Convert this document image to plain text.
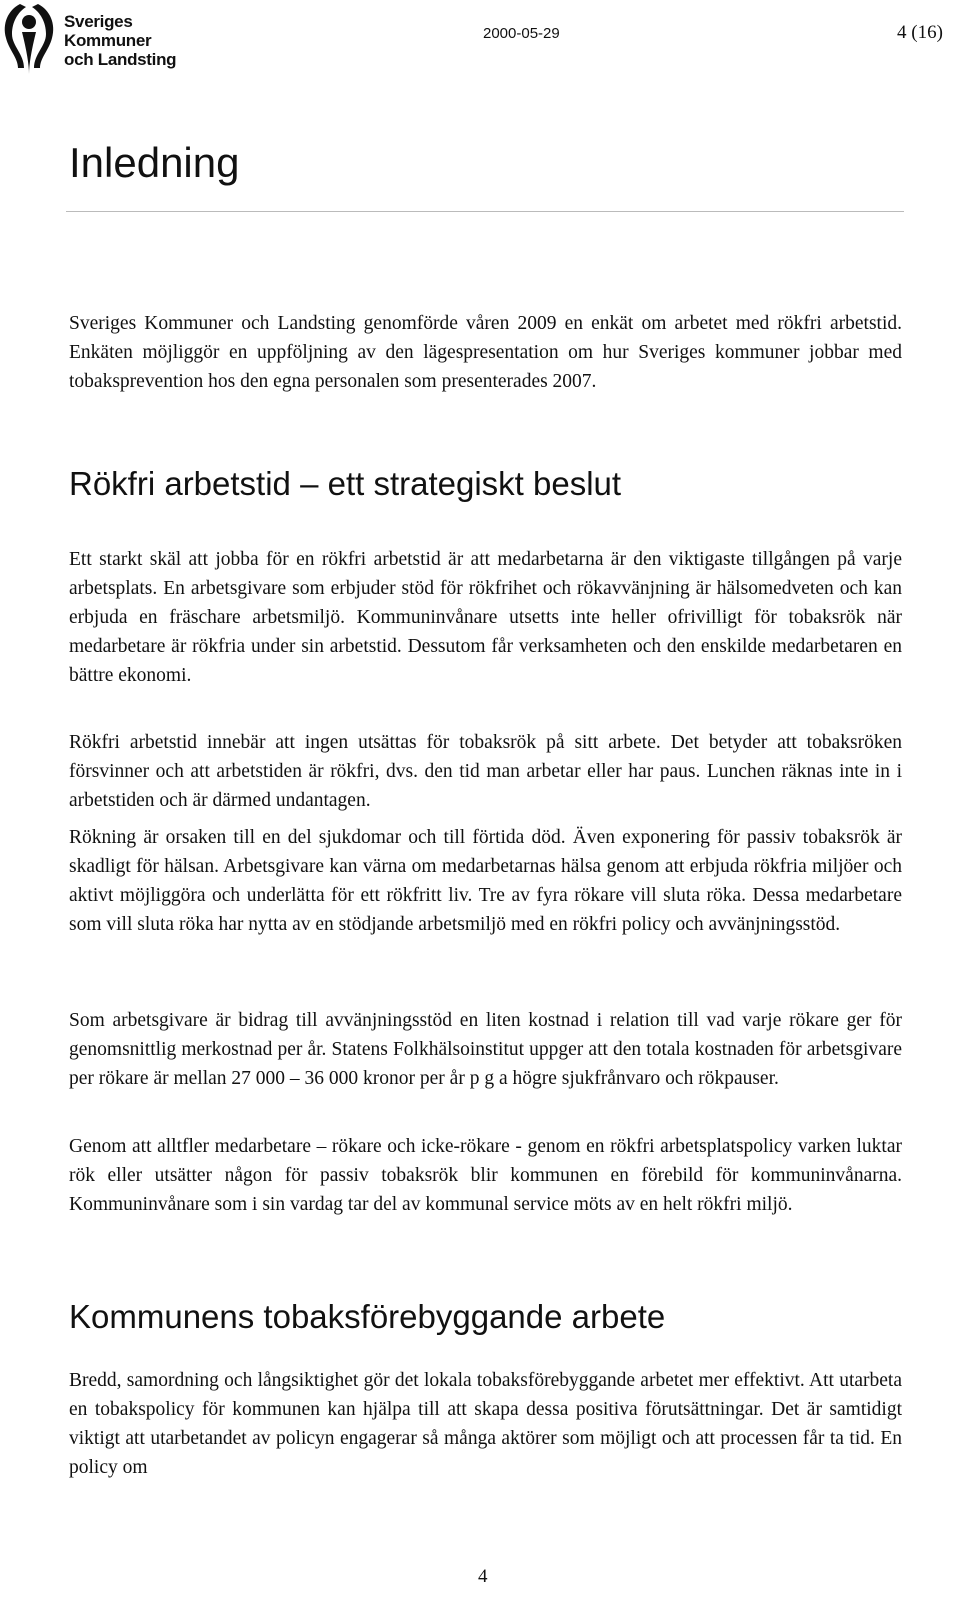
Sveriges
Kommuner
och Landsting
2000-05-29	4 (16)
Inledning

Sveriges Kommuner och Landsting genomförde våren 2009 en enkät om arbetet med rökfri arbetstid. Enkäten möjliggör en uppföljning av den lägespresentation om hur Sveriges kommuner jobbar med tobaksprevention hos den egna personalen som presenterades 2007.

Rökfri arbetstid – ett strategiskt beslut

Ett starkt skäl att jobba för en rökfri arbetstid är att medarbetarna är den viktigaste tillgången på varje arbetsplats. En arbetsgivare som erbjuder stöd för rökfrihet och rökavvänjning är hälsomedveten och kan erbjuda en fräschare arbetsmiljö. Kommuninvånare utsetts inte heller ofrivilligt för tobaksrök när medarbetare är rökfria under sin arbetstid. Dessutom får verksamheten och den enskilde medarbetaren en bättre ekonomi.

Rökfri arbetstid innebär att ingen utsättas för tobaksrök på sitt arbete. Det betyder att tobaksröken försvinner och att arbetstiden är rökfri, dvs. den tid man arbetar eller har paus. Lunchen räknas inte in i arbetstiden och är därmed undantagen.

Rökning är orsaken till en del sjukdomar och till förtida död. Även exponering för passiv tobaksrök är skadligt för hälsan. Arbetsgivare kan värna om medarbetarnas hälsa genom att erbjuda rökfria miljöer och aktivt möjliggöra och underlätta för ett rökfritt liv. Tre av fyra rökare vill sluta röka. Dessa medarbetare som vill sluta röka har nytta av en stödjande arbetsmiljö med en rökfri policy och avvänjningsstöd.

Som arbetsgivare är bidrag till avvänjningsstöd en liten kostnad i relation till vad varje rökare ger för genomsnittlig merkostnad per år. Statens Folkhälsoinstitut uppger att den totala kostnaden för arbetsgivare per rökare är mellan 27 000 – 36 000 kronor per år p g a högre sjukfrånvaro och rökpauser.

Genom att alltfler medarbetare – rökare och icke-rökare - genom en rökfri arbetsplatspolicy varken luktar rök eller utsätter någon för passiv tobaksrök blir kommunen en förebild för kommuninvånarna. Kommuninvånare som i sin vardag tar del av kommunal service möts av en helt rökfri miljö.

Kommunens tobaksförebyggande arbete

Bredd, samordning och långsiktighet gör det lokala tobaksförebyggande arbetet mer effektivt. Att utarbeta en tobakspolicy för kommunen kan hjälpa till att skapa dessa positiva förutsättningar. Det är samtidigt viktigt att utarbetandet av policyn engagerar så många aktörer som möjligt och att processen får ta tid. En policy om

4
